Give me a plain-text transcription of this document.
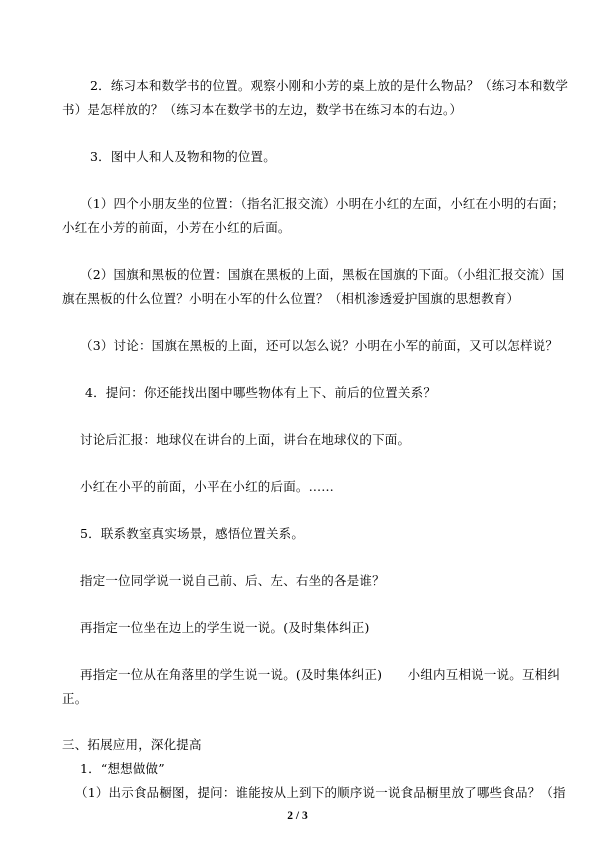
2．练习本和数学书的位置。观察小刚和小芳的桌上放的是什么物品？（练习本和数学
书）是怎样放的？（练习本在数学书的左边，数学书在练习本的右边。）
3．图中人和人及物和物的位置。
（1）四个小朋友坐的位置：（指名汇报交流）小明在小红的左面，小红在小明的右面；
小红在小芳的前面，小芳在小红的后面。
（2）国旗和黑板的位置：国旗在黑板的上面，黑板在国旗的下面。（小组汇报交流）国
旗在黑板的什么位置？小明在小军的什么位置？（相机渗透爱护国旗的思想教育）
（3）讨论：国旗在黑板的上面，还可以怎么说？小明在小军的前面，又可以怎样说？
4．提问：你还能找出图中哪些物体有上下、前后的位置关系？
讨论后汇报：地球仪在讲台的上面，讲台在地球仪的下面。
小红在小平的前面，小平在小红的后面。……
5．联系教室真实场景，感悟位置关系。
指定一位同学说一说自己前、后、左、右坐的各是谁？
再指定一位坐在边上的学生说一说。(及时集体纠正)
再指定一位从在角落里的学生说一说。(及时集体纠正)　　小组内互相说一说。互相纠
正。
三、拓展应用，深化提高
1．“想想做做”
（1）出示食品橱图，提问：谁能按从上到下的顺序说一说食品橱里放了哪些食品？（指
2 / 3
